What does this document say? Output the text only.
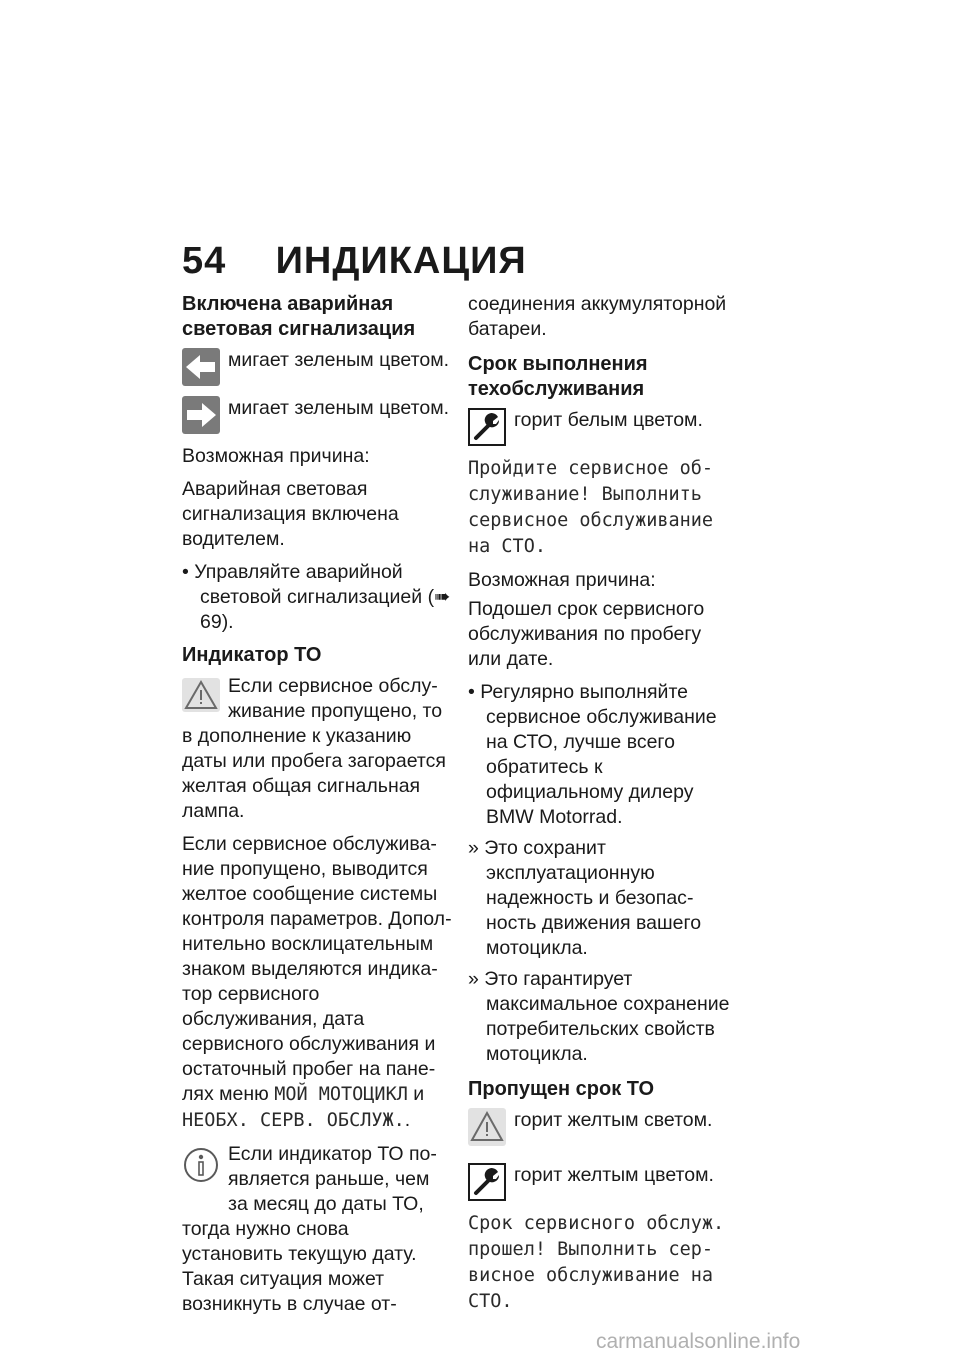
54 ИНДИКАЦИЯ
Включена аварийная световая сигнализация
мигает зеленым цветом.
мигает зеленым цветом.

Возможная причина:

Аварийная световая сигнализация включена водителем.

• Управляйте аварийной световой сигнализацией (➠ 69).

Индикатор ТО

Если сервисное обслуживание пропущено, то в дополнение к указанию даты или пробега загорается желтая общая сигнальная лампа.

Если сервисное обслуживание пропущено, выводится желтое сообщение системы контроля параметров. Дополнительно восклицательным знаком выделяются индикатор сервисного обслуживания, дата сервисного обслуживания и остаточный пробег на панелях меню МОЙ МОТОЦИКЛ и НЕОБХ. СЕРВ. ОБСЛУЖ..

Если индикатор ТО появляется раньше, чем за месяц до даты ТО, тогда нужно снова установить текущую дату. Такая ситуация может возникнуть в случае от-

соединения аккумуляторной батареи.

Срок выполнения техобслуживания
горит белым цветом.

Пройдите сервисное обслуживание! Выполнить сервисное обслуживание на СТО.

Возможная причина:

Подошел срок сервисного обслуживания по пробегу или дате.

• Регулярно выполняйте сервисное обслуживание на СТО, лучше всего обратитесь к официальному дилеру BMW Motorrad.

» Это сохранит эксплуатационную надежность и безопасность движения вашего мотоцикла.

» Это гарантирует максимальное сохранение потребительских свойств мотоцикла.

Пропущен срок ТО
горит желтым светом.
горит желтым цветом.

Срок сервисного обслуж. прошел! Выполнить сервисное обслуживание на СТО.

carmanualsonline.info
